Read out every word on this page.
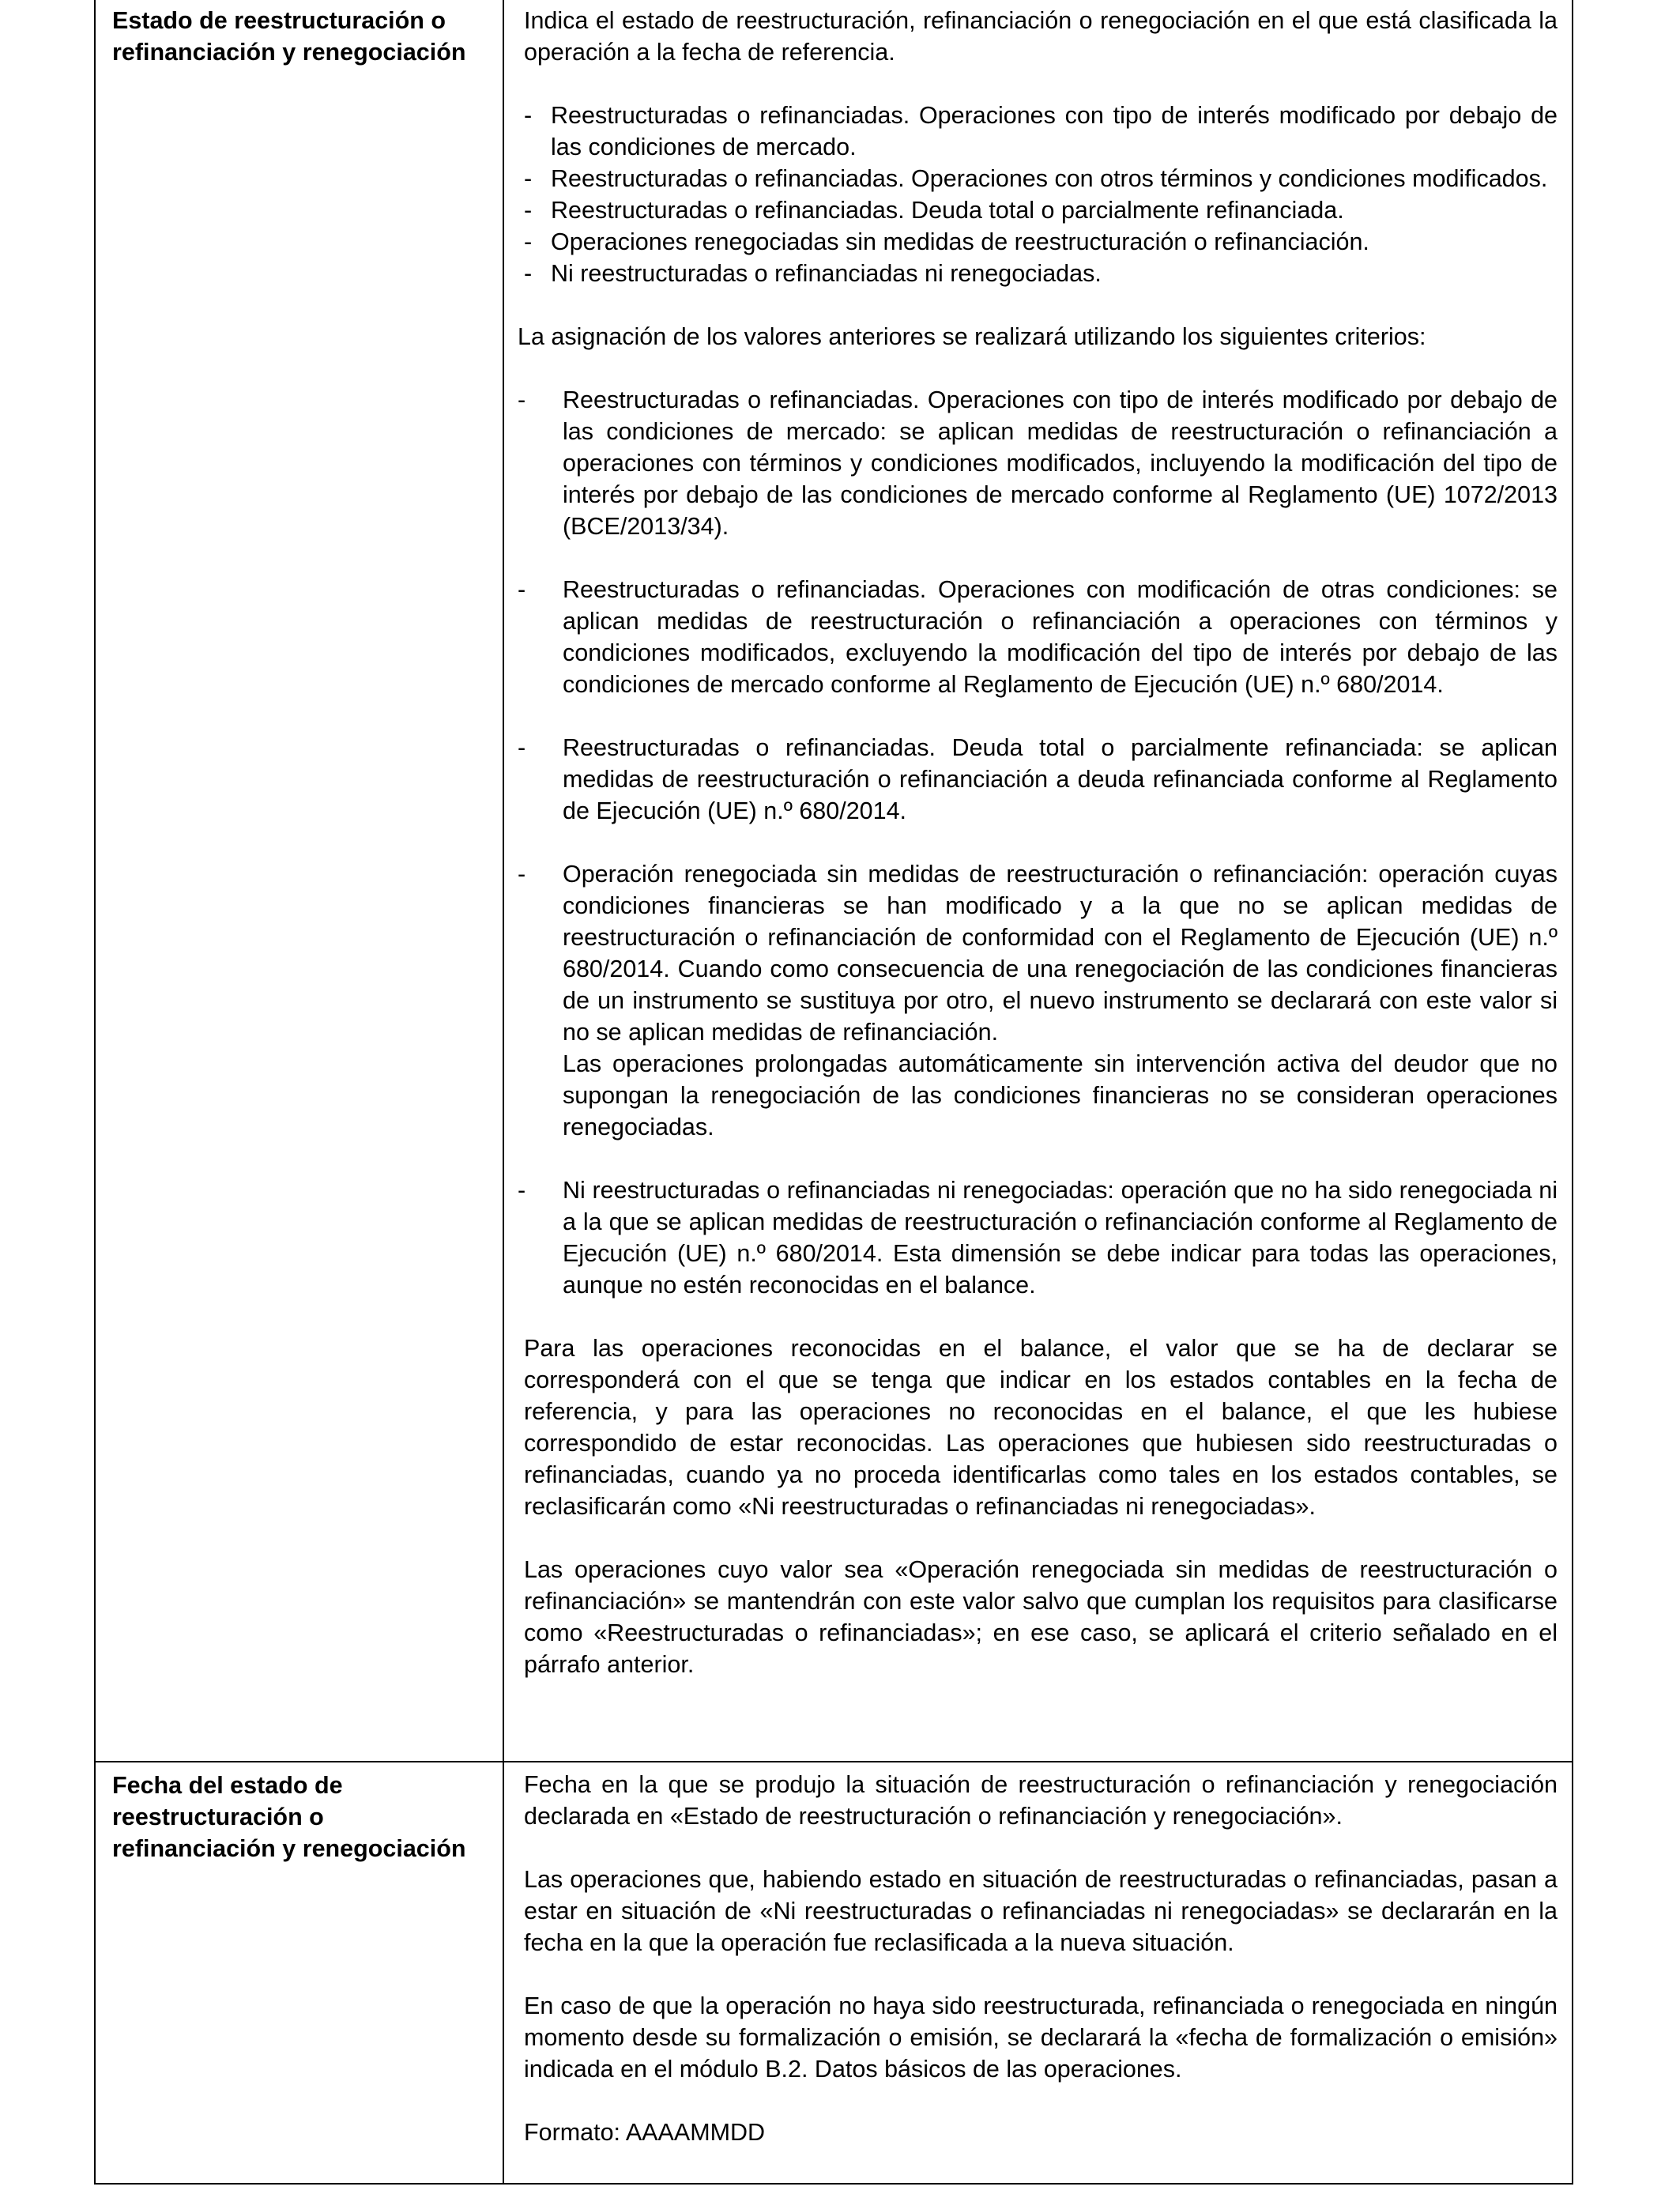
Estado de reestructuración o refinanciación y renegociación

Indica el estado de reestructuración, refinanciación o renegociación en el que está clasificada la operación a la fecha de referencia.

- Reestructuradas o refinanciadas. Operaciones con tipo de interés modificado por debajo de las condiciones de mercado.

- Reestructuradas o refinanciadas. Operaciones con otros términos y condiciones modificados.

- Reestructuradas o refinanciadas. Deuda total o parcialmente refinanciada.

- Operaciones renegociadas sin medidas de reestructuración o refinanciación.

- Ni reestructuradas o refinanciadas ni renegociadas.

La asignación de los valores anteriores se realizará utilizando los siguientes criterios:

- Reestructuradas o refinanciadas. Operaciones con tipo de interés modificado por debajo de las condiciones de mercado: se aplican medidas de reestructuración o refinanciación a operaciones con términos y condiciones modificados, incluyendo la modificación del tipo de interés por debajo de las condiciones de mercado conforme al Reglamento (UE) 1072/2013 (BCE/2013/34).

- Reestructuradas o refinanciadas. Operaciones con modificación de otras condiciones: se aplican medidas de reestructuración o refinanciación a operaciones con términos y condiciones modificados, excluyendo la modificación del tipo de interés por debajo de las condiciones de mercado conforme al Reglamento de Ejecución (UE) n.º 680/2014.

- Reestructuradas o refinanciadas. Deuda total o parcialmente refinanciada: se aplican medidas de reestructuración o refinanciación a deuda refinanciada conforme al Reglamento de Ejecución (UE) n.º 680/2014.

- Operación renegociada sin medidas de reestructuración o refinanciación: operación cuyas condiciones financieras se han modificado y a la que no se aplican medidas de reestructuración o refinanciación de conformidad con el Reglamento de Ejecución (UE) n.º 680/2014. Cuando como consecuencia de una renegociación de las condiciones financieras de un instrumento se sustituya por otro, el nuevo instrumento se declarará con este valor si no se aplican medidas de refinanciación.

Las operaciones prolongadas automáticamente sin intervención activa del deudor que no supongan la renegociación de las condiciones financieras no se consideran operaciones renegociadas.

- Ni reestructuradas o refinanciadas ni renegociadas: operación que no ha sido renegociada ni a la que se aplican medidas de reestructuración o refinanciación conforme al Reglamento de Ejecución (UE) n.º 680/2014. Esta dimensión se debe indicar para todas las operaciones, aunque no estén reconocidas en el balance.

Para las operaciones reconocidas en el balance, el valor que se ha de declarar se corresponderá con el que se tenga que indicar en los estados contables en la fecha de referencia, y para las operaciones no reconocidas en el balance, el que les hubiese correspondido de estar reconocidas. Las operaciones que hubiesen sido reestructuradas o refinanciadas, cuando ya no proceda identificarlas como tales en los estados contables, se reclasificarán como «Ni reestructuradas o refinanciadas ni renegociadas».

Las operaciones cuyo valor sea «Operación renegociada sin medidas de reestructuración o refinanciación» se mantendrán con este valor salvo que cumplan los requisitos para clasificarse como «Reestructuradas o refinanciadas»; en ese caso, se aplicará el criterio señalado en el párrafo anterior.

Fecha del estado de reestructuración o refinanciación y renegociación

Fecha en la que se produjo la situación de reestructuración o refinanciación y renegociación declarada en «Estado de reestructuración o refinanciación y renegociación».

Las operaciones que, habiendo estado en situación de reestructuradas o refinanciadas, pasan a estar en situación de «Ni reestructuradas o refinanciadas ni renegociadas» se declararán en la fecha en la que la operación fue reclasificada a la nueva situación.

En caso de que la operación no haya sido reestructurada, refinanciada o renegociada en ningún momento desde su formalización o emisión, se declarará la «fecha de formalización o emisión» indicada en el módulo B.2. Datos básicos de las operaciones.

Formato: AAAAMMDD
